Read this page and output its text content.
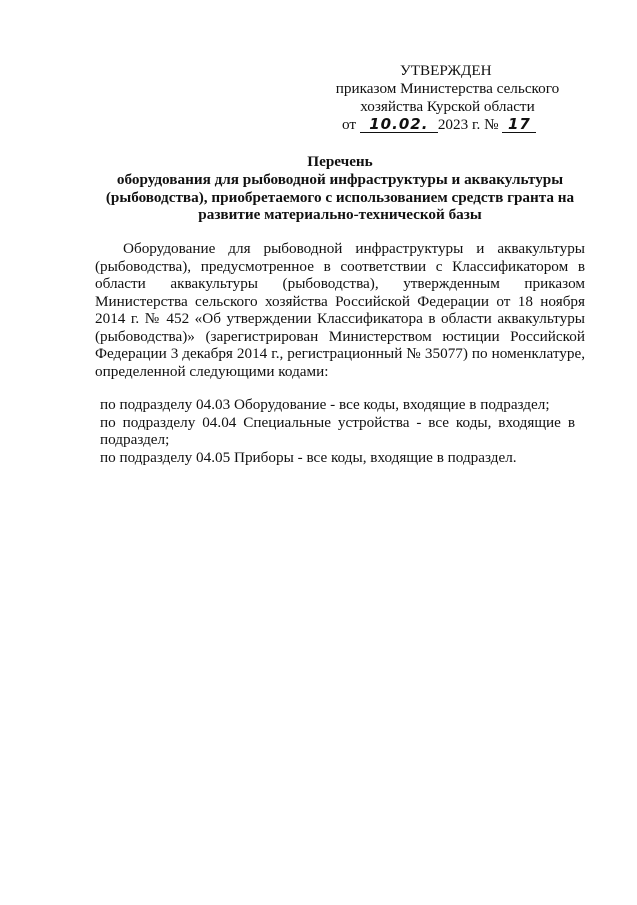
УТВЕРЖДЕН
приказом Министерства сельского
хозяйства Курской области
от 10.02. 2023 г. № 17
Перечень
оборудования для рыбоводной инфраструктуры и аквакультуры
(рыбоводства), приобретаемого с использованием средств гранта на
развитие материально-технической базы

Оборудование для рыбоводной инфраструктуры и аквакультуры (рыбоводства), предусмотренное в соответствии с Классификатором в области аквакультуры (рыбоводства), утвержденным приказом Министерства сельского хозяйства Российской Федерации от 18 ноября 2014 г. № 452 «Об утверждении Классификатора в области аквакультуры (рыбоводства)» (зарегистрирован Министерством юстиции Российской Федерации 3 декабря 2014 г., регистрационный № 35077) по номенклатуре, определенной следующими кодами:

по подразделу 04.03 Оборудование - все коды, входящие в подраздел;

по подразделу 04.04 Специальные устройства - все коды, входящие в подраздел;

по подразделу 04.05 Приборы - все коды, входящие в подраздел.
